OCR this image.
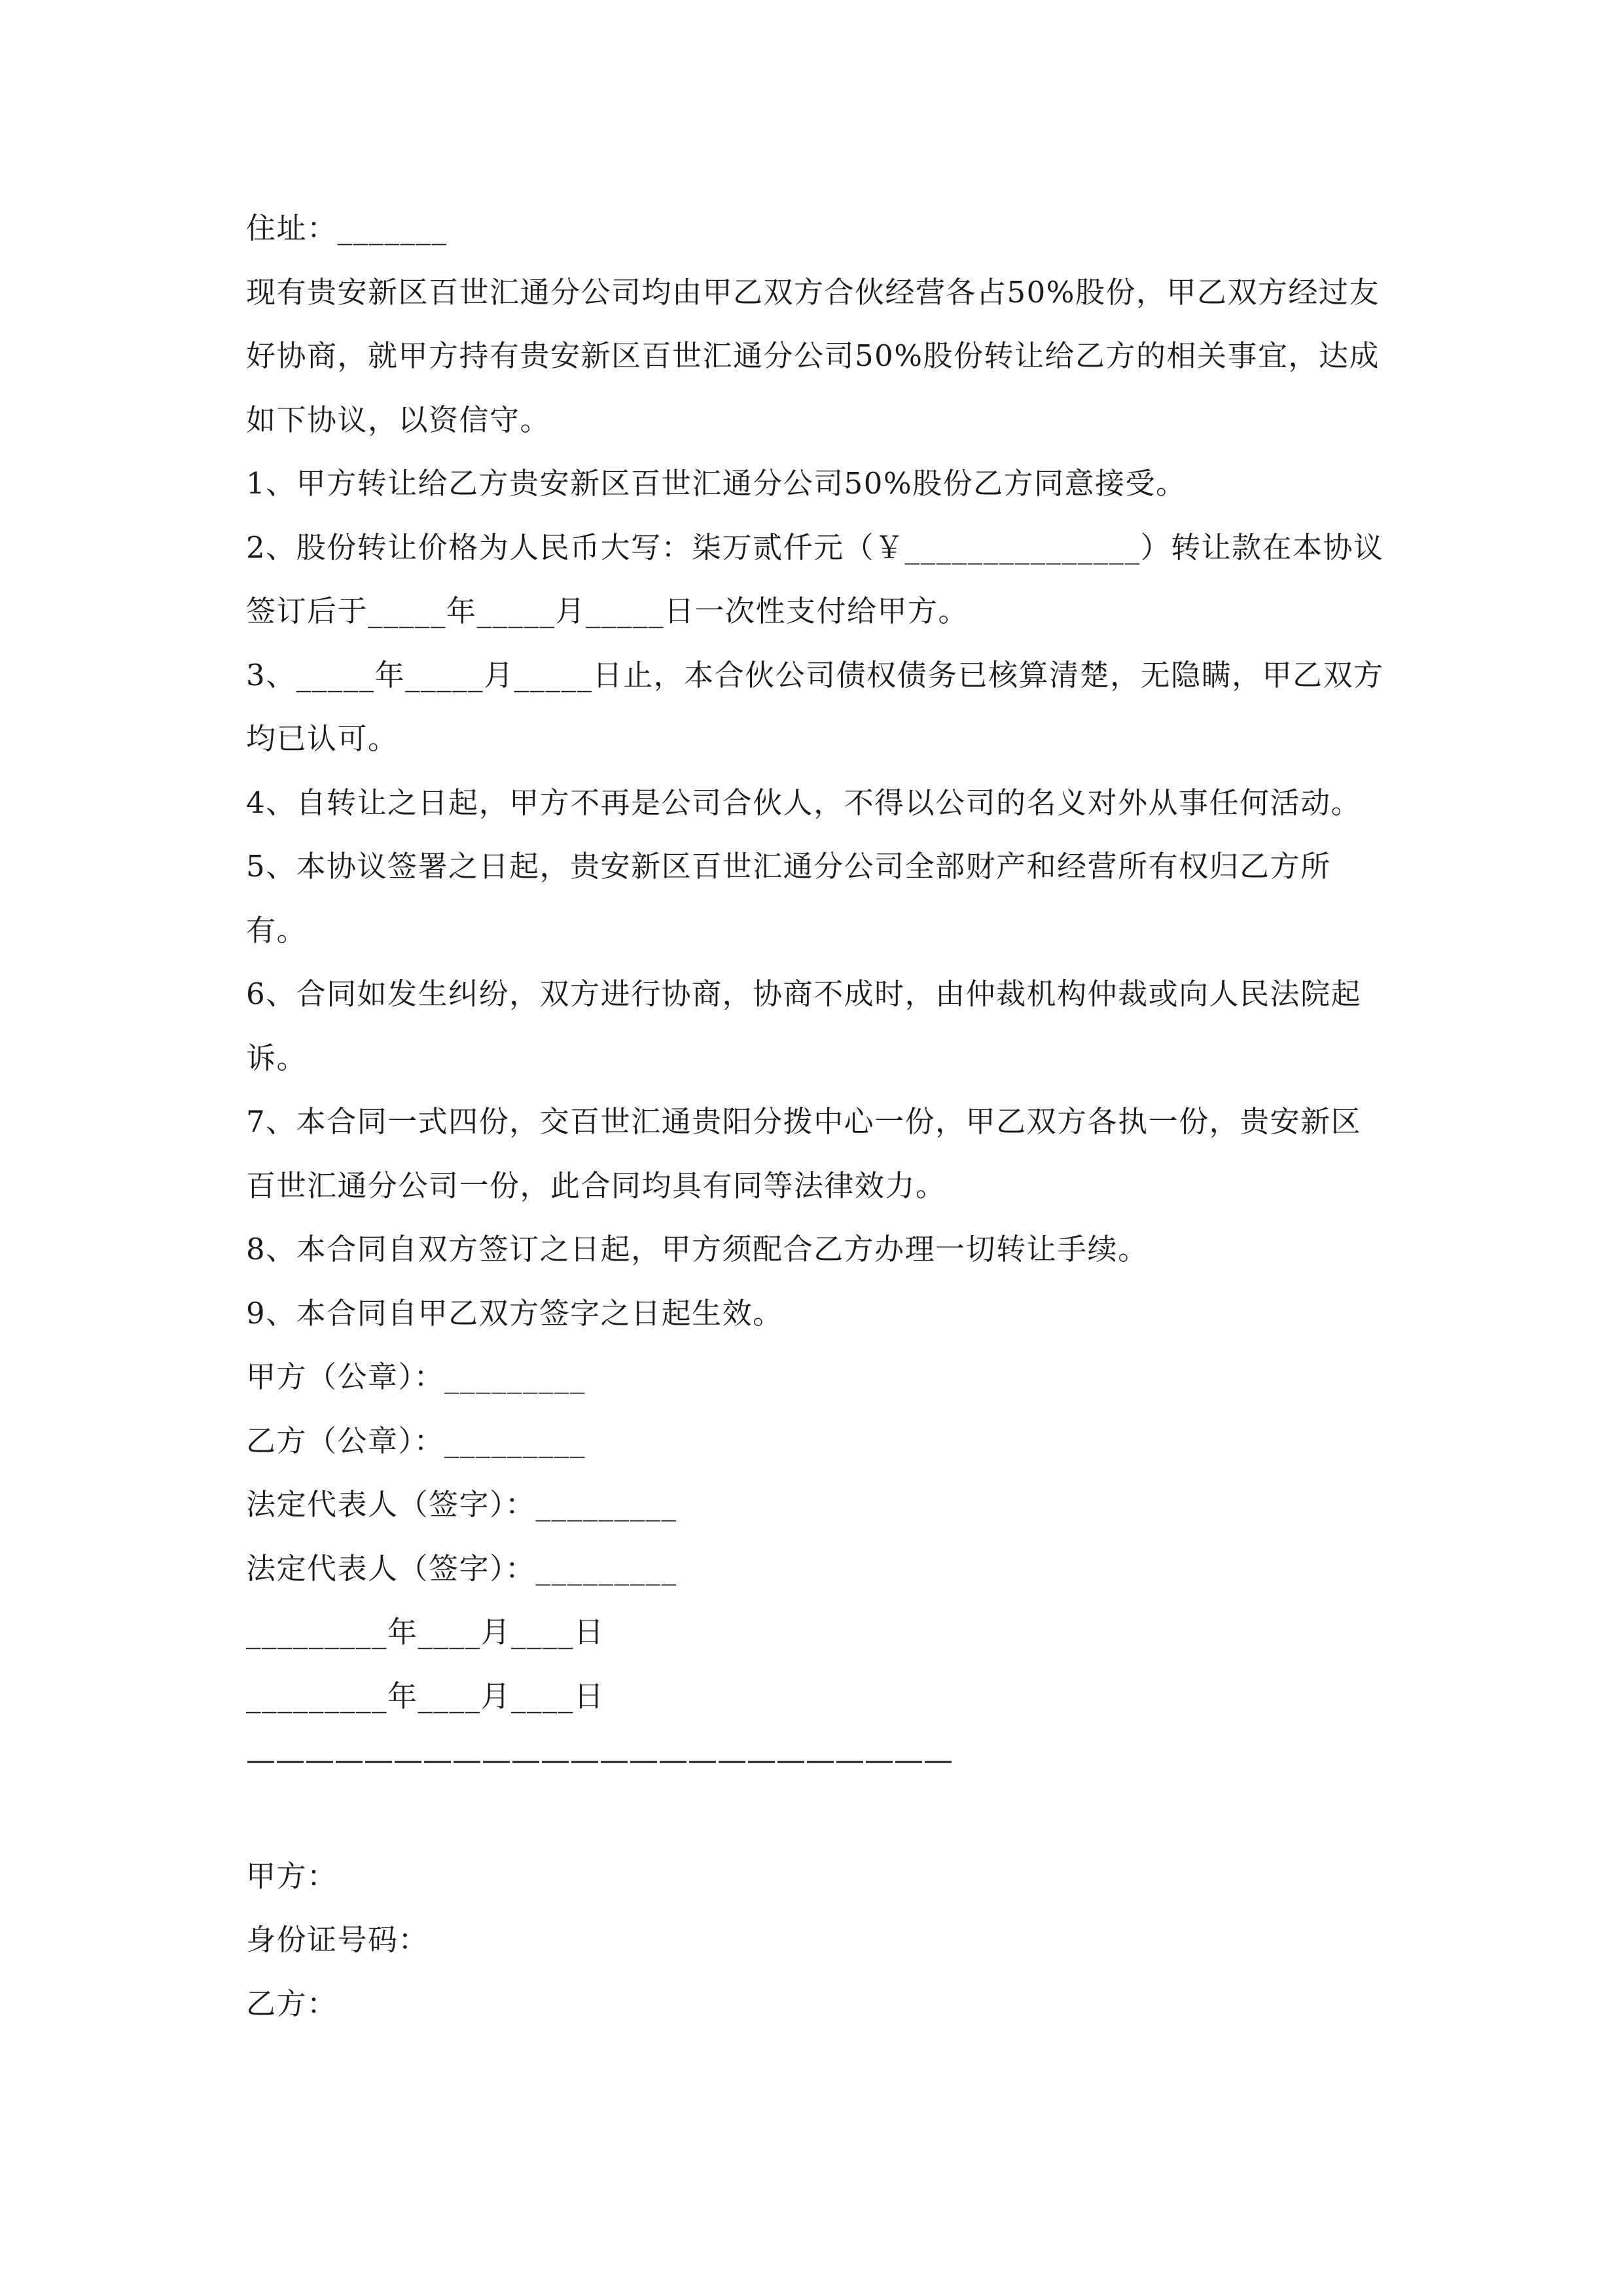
住址：_______
现有贵安新区百世汇通分公司均由甲乙双方合伙经营各占50%股份，甲乙双方经过友好协商，就甲方持有贵安新区百世汇通分公司50%股份转让给乙方的相关事宜，达成如下协议，以资信守。
1、甲方转让给乙方贵安新区百世汇通分公司50%股份乙方同意接受。
2、股份转让价格为人民币大写：柒万贰仟元（￥_______________）转让款在本协议签订后于_____年_____月_____日一次性支付给甲方。
3、_____年_____月_____日止，本合伙公司债权债务已核算清楚，无隐瞒，甲乙双方均已认可。
4、自转让之日起，甲方不再是公司合伙人，不得以公司的名义对外从事任何活动。
5、本协议签署之日起，贵安新区百世汇通分公司全部财产和经营所有权归乙方所有。
6、合同如发生纠纷，双方进行协商，协商不成时，由仲裁机构仲裁或向人民法院起诉。
7、本合同一式四份，交百世汇通贵阳分拨中心一份，甲乙双方各执一份，贵安新区百世汇通分公司一份，此合同均具有同等法律效力。
8、本合同自双方签订之日起，甲方须配合乙方办理一切转让手续。
9、本合同自甲乙双方签字之日起生效。
甲方（公章）：_________
乙方（公章）：_________
法定代表人（签字）：_________
法定代表人（签字）：_________
_________年____月____日
_________年____月____日
————————————————————————
甲方：
身份证号码：
乙方：
